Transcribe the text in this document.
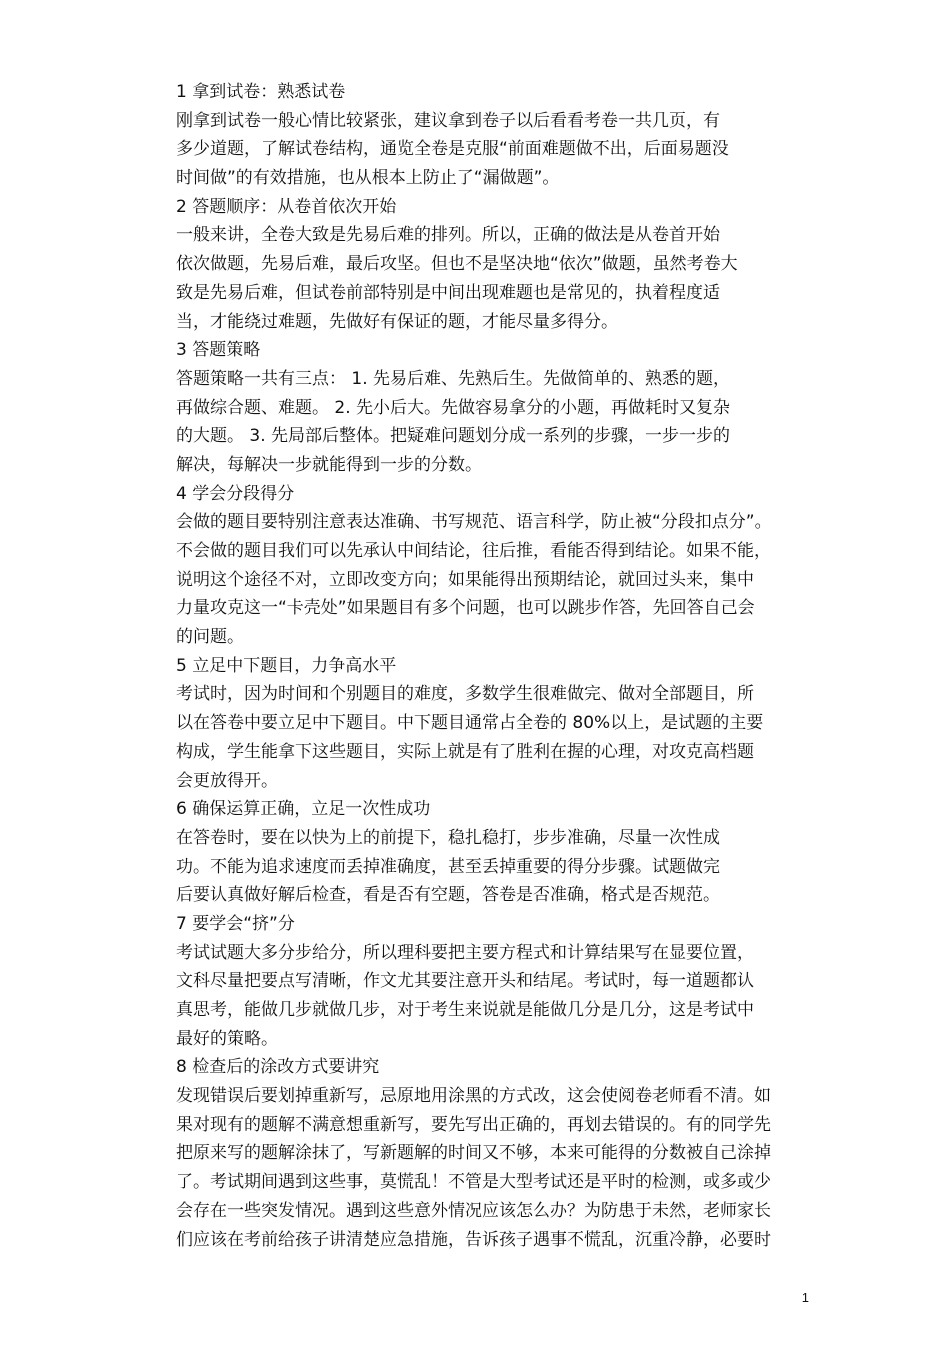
1 拿到试卷：熟悉试卷
刚拿到试卷一般心情比较紧张，建议拿到卷子以后看看考卷一共几页，有
多少道题，了解试卷结构，通览全卷是克服“前面难题做不出，后面易题没
时间做”的有效措施，也从根本上防止了“漏做题”。
2 答题顺序：从卷首依次开始
一般来讲，全卷大致是先易后难的排列。所以，正确的做法是从卷首开始
依次做题，先易后难，最后攻坚。但也不是坚决地“依次”做题，虽然考卷大
致是先易后难，但试卷前部特别是中间出现难题也是常见的，执着程度适
当，才能绕过难题，先做好有保证的题，才能尽量多得分。
3 答题策略
答题策略一共有三点： 1. 先易后难、先熟后生。先做简单的、熟悉的题，
再做综合题、难题。 2. 先小后大。先做容易拿分的小题，再做耗时又复杂
的大题。 3. 先局部后整体。把疑难问题划分成一系列的步骤，一步一步的
解决，每解决一步就能得到一步的分数。
4 学会分段得分
会做的题目要特别注意表达准确、书写规范、语言科学，防止被“分段扣点分”。
不会做的题目我们可以先承认中间结论，往后推，看能否得到结论。如果不能，
说明这个途径不对，立即改变方向；如果能得出预期结论，就回过头来，集中
力量攻克这一“卡壳处”如果题目有多个问题，也可以跳步作答，先回答自己会
的问题。
5 立足中下题目，力争高水平
考试时，因为时间和个别题目的难度，多数学生很难做完、做对全部题目，所
以在答卷中要立足中下题目。中下题目通常占全卷的 80%以上，是试题的主要
构成，学生能拿下这些题目，实际上就是有了胜利在握的心理，对攻克高档题
会更放得开。
6 确保运算正确，立足一次性成功
在答卷时，要在以快为上的前提下，稳扎稳打，步步准确，尽量一次性成
功。不能为追求速度而丢掉准确度，甚至丢掉重要的得分步骤。试题做完
后要认真做好解后检查，看是否有空题，答卷是否准确，格式是否规范。
7 要学会“挤”分
考试试题大多分步给分，所以理科要把主要方程式和计算结果写在显要位置，
文科尽量把要点写清晰，作文尤其要注意开头和结尾。考试时，每一道题都认
真思考，能做几步就做几步，对于考生来说就是能做几分是几分，这是考试中
最好的策略。
8 检查后的涂改方式要讲究
发现错误后要划掉重新写，忌原地用涂黑的方式改，这会使阅卷老师看不清。如
果对现有的题解不满意想重新写，要先写出正确的，再划去错误的。有的同学先
把原来写的题解涂抹了，写新题解的时间又不够，本来可能得的分数被自己涂掉
了。考试期间遇到这些事，莫慌乱！不管是大型考试还是平时的检测，或多或少
会存在一些突发情况。遇到这些意外情况应该怎么办？为防患于未然，老师家长
们应该在考前给孩子讲清楚应急措施，告诉孩子遇事不慌乱，沉重冷静，必要时
1
